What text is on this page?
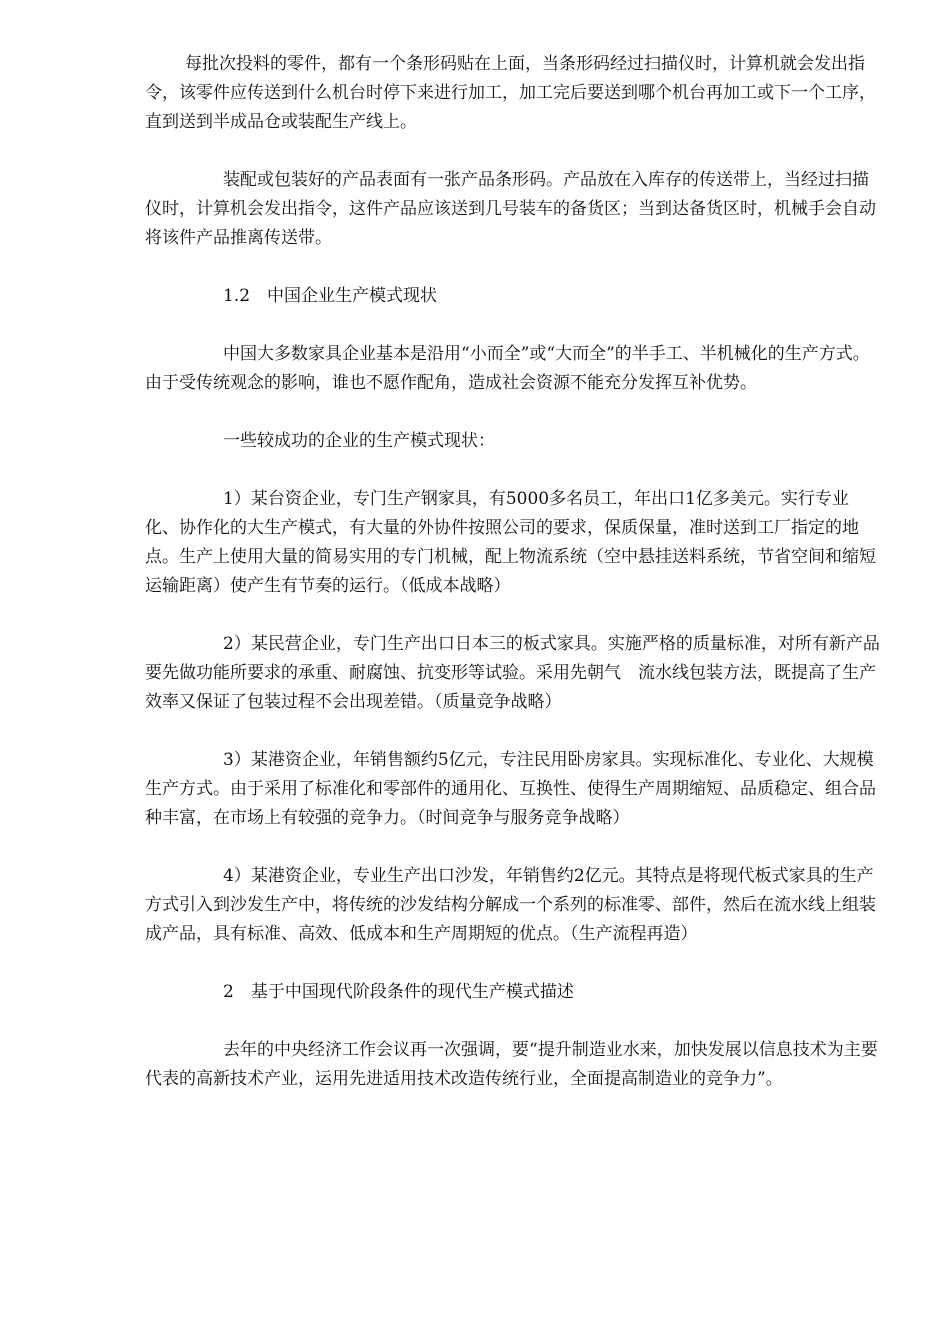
每批次投料的零件，都有一个条形码贴在上面，当条形码经过扫描仪时，计算机就会发出指令，该零件应传送到什么机台时停下来进行加工，加工完后要送到哪个机台再加工或下一个工序，直到送到半成品仓或装配生产线上。

装配或包装好的产品表面有一张产品条形码。产品放在入库存的传送带上，当经过扫描仪时，计算机会发出指令，这件产品应该送到几号装车的备货区；当到达备货区时，机械手会自动将该件产品推离传送带。

1.2　中国企业生产模式现状

中国大多数家具企业基本是沿用“小而全”或“大而全”的半手工、半机械化的生产方式。由于受传统观念的影响，谁也不愿作配角，造成社会资源不能充分发挥互补优势。

一些较成功的企业的生产模式现状：

1）某台资企业，专门生产钢家具，有5000多名员工，年出口1亿多美元。实行专业化、协作化的大生产模式，有大量的外协件按照公司的要求，保质保量，准时送到工厂指定的地点。生产上使用大量的简易实用的专门机械，配上物流系统（空中悬挂送料系统，节省空间和缩短运输距离）使产生有节奏的运行。（低成本战略）

2）某民营企业，专门生产出口日本三的板式家具。实施严格的质量标准，对所有新产品要先做功能所要求的承重、耐腐蚀、抗变形等试验。采用先朝气　流水线包装方法，既提高了生产效率又保证了包装过程不会出现差错。（质量竞争战略）

3）某港资企业，年销售额约5亿元，专注民用卧房家具。实现标准化、专业化、大规模生产方式。由于采用了标准化和零部件的通用化、互换性、使得生产周期缩短、品质稳定、组合品种丰富，在市场上有较强的竞争力。（时间竞争与服务竞争战略）

4）某港资企业，专业生产出口沙发，年销售约2亿元。其特点是将现代板式家具的生产方式引入到沙发生产中，将传统的沙发结构分解成一个系列的标准零、部件，然后在流水线上组装成产品，具有标准、高效、低成本和生产周期短的优点。（生产流程再造）

2　基于中国现代阶段条件的现代生产模式描述

去年的中央经济工作会议再一次强调，要“提升制造业水来，加快发展以信息技术为主要代表的高新技术产业，运用先进适用技术改造传统行业，全面提高制造业的竞争力”。
